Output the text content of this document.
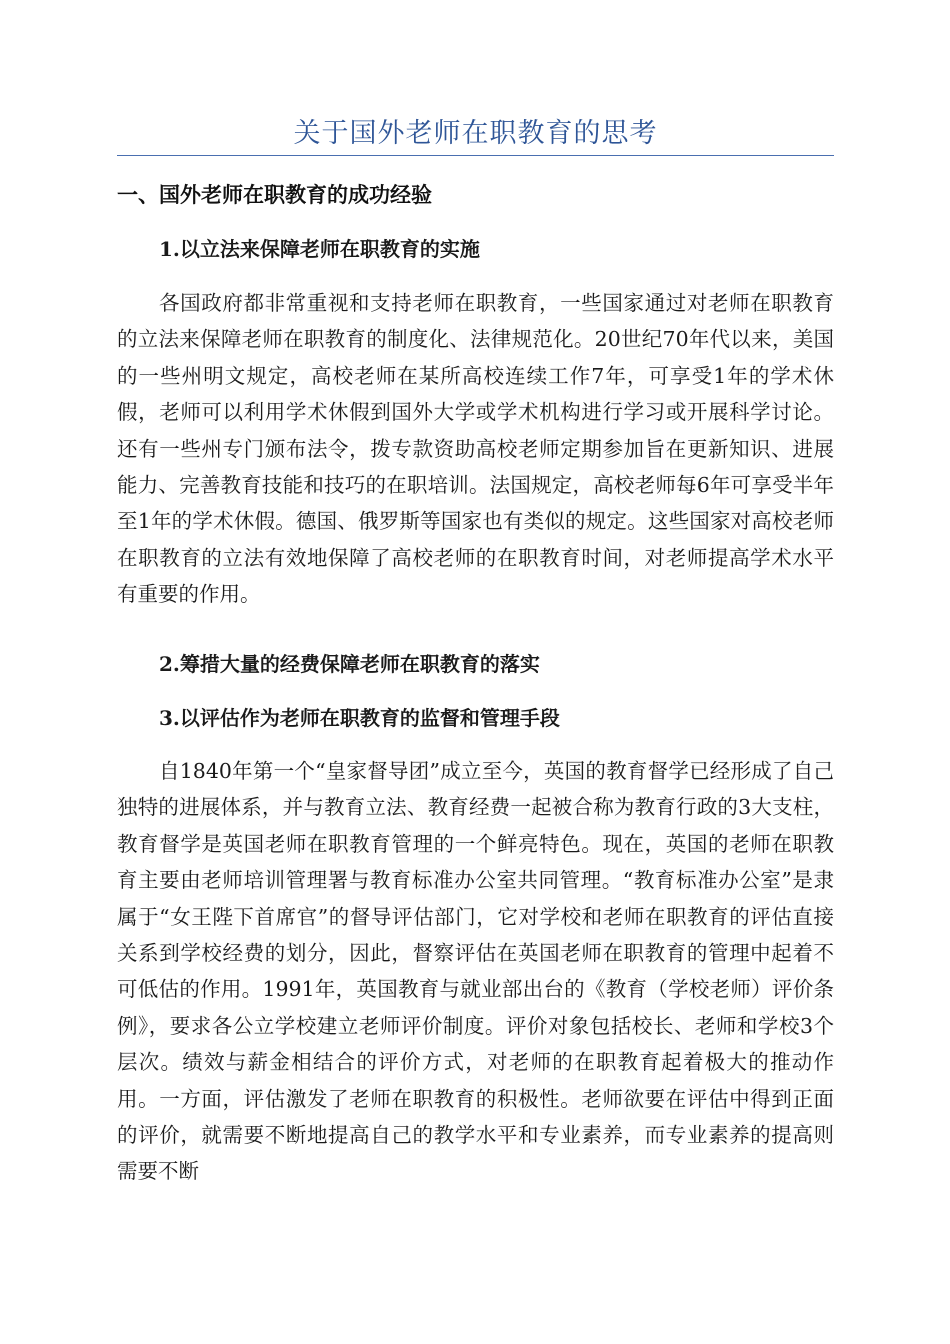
关于国外老师在职教育的思考
一、国外老师在职教育的成功经验
1.以立法来保障老师在职教育的实施

各国政府都非常重视和支持老师在职教育，一些国家通过对老师在职教育的立法来保障老师在职教育的制度化、法律规范化。20世纪70年代以来，美国的一些州明文规定，高校老师在某所高校连续工作7年，可享受1年的学术休假，老师可以利用学术休假到国外大学或学术机构进行学习或开展科学讨论。还有一些州专门颁布法令，拨专款资助高校老师定期参加旨在更新知识、进展能力、完善教育技能和技巧的在职培训。法国规定，高校老师每6年可享受半年至1年的学术休假。德国、俄罗斯等国家也有类似的规定。这些国家对高校老师在职教育的立法有效地保障了高校老师的在职教育时间，对老师提高学术水平有重要的作用。

2.筹措大量的经费保障老师在职教育的落实
3.以评估作为老师在职教育的监督和管理手段

自1840年第一个“皇家督导团”成立至今，英国的教育督学已经形成了自己独特的进展体系，并与教育立法、教育经费一起被合称为教育行政的3大支柱，教育督学是英国老师在职教育管理的一个鲜亮特色。现在，英国的老师在职教育主要由老师培训管理署与教育标准办公室共同管理。“教育标准办公室”是隶属于“女王陛下首席官”的督导评估部门，它对学校和老师在职教育的评估直接关系到学校经费的划分，因此，督察评估在英国老师在职教育的管理中起着不可低估的作用。1991年，英国教育与就业部出台的《教育（学校老师）评价条例》，要求各公立学校建立老师评价制度。评价对象包括校长、老师和学校3个层次。绩效与薪金相结合的评价方式，对老师的在职教育起着极大的推动作用。一方面，评估激发了老师在职教育的积极性。老师欲要在评估中得到正面的评价，就需要不断地提高自己的教学水平和专业素养，而专业素养的提高则需要不断
